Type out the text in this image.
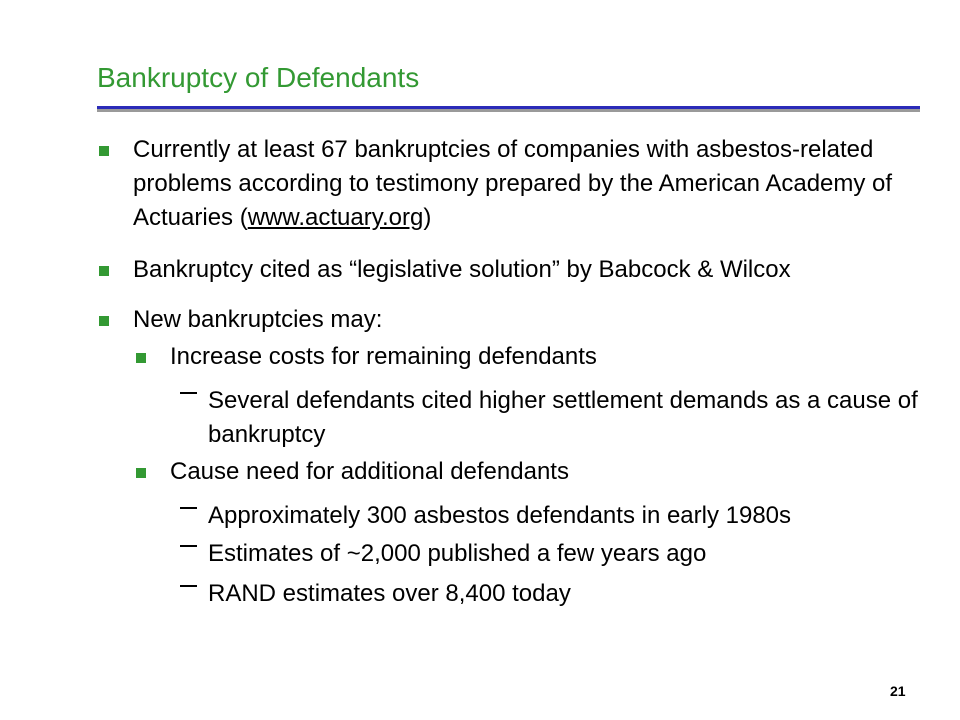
Bankruptcy of Defendants
Currently at least 67 bankruptcies of companies with asbestos-related problems according to testimony prepared by the American Academy of Actuaries (www.actuary.org)
Bankruptcy cited as “legislative solution” by Babcock & Wilcox
New bankruptcies may:
Increase costs for remaining defendants
Several defendants cited higher settlement demands as a cause of bankruptcy
Cause need for additional defendants
Approximately 300 asbestos defendants in early 1980s
Estimates of ~2,000 published a few years ago
RAND estimates over 8,400 today
21
